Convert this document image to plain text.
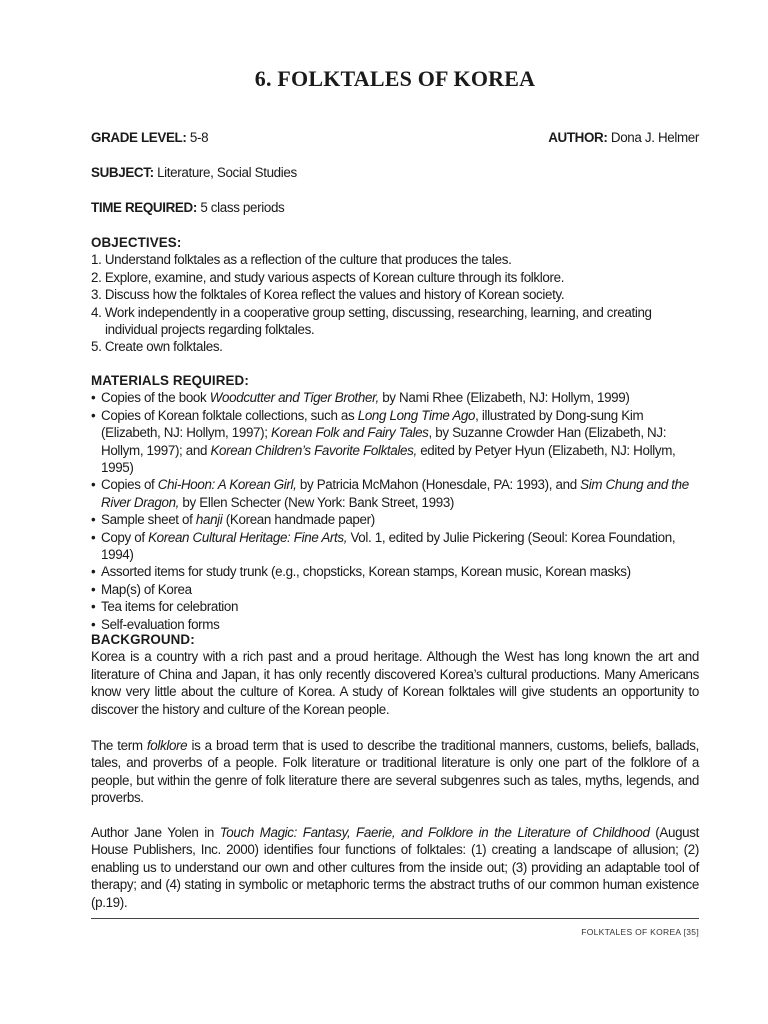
6. FOLKTALES OF KOREA
GRADE LEVEL: 5-8	AUTHOR: Dona J. Helmer
SUBJECT: Literature, Social Studies
TIME REQUIRED: 5 class periods
OBJECTIVES:
1. Understand folktales as a reflection of the culture that produces the tales.
2. Explore, examine, and study various aspects of Korean culture through its folklore.
3. Discuss how the folktales of Korea reflect the values and history of Korean society.
4. Work independently in a cooperative group setting, discussing, researching, learning, and creating individual projects regarding folktales.
5. Create own folktales.
MATERIALS REQUIRED:
• Copies of the book Woodcutter and Tiger Brother, by Nami Rhee (Elizabeth, NJ: Hollym, 1999)
• Copies of Korean folktale collections, such as Long Long Time Ago, illustrated by Dong-sung Kim (Elizabeth, NJ: Hollym, 1997); Korean Folk and Fairy Tales, by Suzanne Crowder Han (Elizabeth, NJ: Hollym, 1997); and Korean Children’s Favorite Folktales, edited by Petyer Hyun (Elizabeth, NJ: Hollym, 1995)
• Copies of Chi-Hoon: A Korean Girl, by Patricia McMahon (Honesdale, PA: 1993), and Sim Chung and the River Dragon, by Ellen Schecter (New York: Bank Street, 1993)
• Sample sheet of hanji (Korean handmade paper)
• Copy of Korean Cultural Heritage: Fine Arts, Vol. 1, edited by Julie Pickering (Seoul: Korea Foundation, 1994)
• Assorted items for study trunk (e.g., chopsticks, Korean stamps, Korean music, Korean masks)
• Map(s) of Korea
• Tea items for celebration
• Self-evaluation forms
BACKGROUND:

Korea is a country with a rich past and a proud heritage. Although the West has long known the art and literature of China and Japan, it has only recently discovered Korea’s cultural productions. Many Americans know very little about the culture of Korea. A study of Korean folktales will give students an opportunity to discover the history and culture of the Korean people.

The term folklore is a broad term that is used to describe the traditional manners, customs, beliefs, ballads, tales, and proverbs of a people. Folk literature or traditional literature is only one part of the folklore of a people, but within the genre of folk literature there are several subgenres such as tales, myths, legends, and proverbs.

Author Jane Yolen in Touch Magic: Fantasy, Faerie, and Folklore in the Literature of Childhood (August House Publishers, Inc. 2000) identifies four functions of folktales: (1) creating a landscape of allusion; (2) enabling us to understand our own and other cultures from the inside out; (3) providing an adaptable tool of therapy; and (4) stating in symbolic or metaphoric terms the abstract truths of our common human existence (p.19).

FOLKTALES OF KOREA [35]
